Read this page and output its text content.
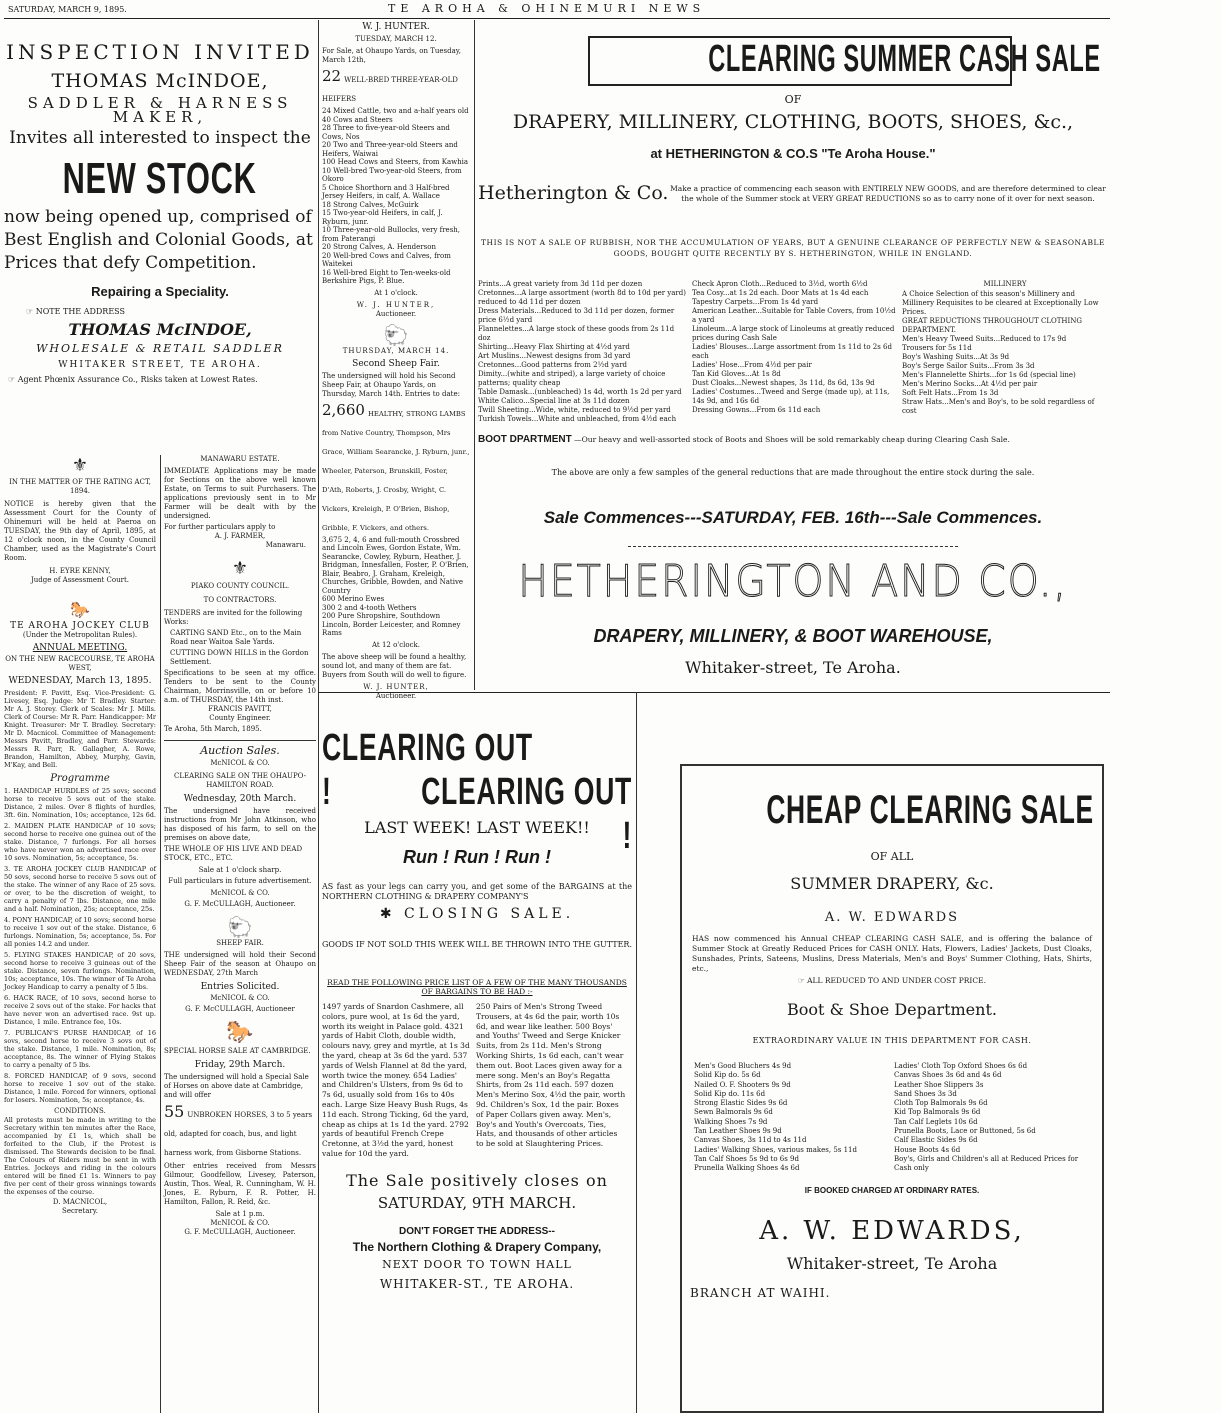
SATURDAY, MARCH 9, 1895.	TE AROHA & OHINEMURI NEWS
INSPECTION INVITED
THOMAS McINDOE,
SADDLER & HARNESS MAKER,
Invites all interested to inspect the
NEW STOCK
now being opened up, comprised of Best English and Colonial Goods, at Prices that defy Competition.
Repairing a Speciality.
☞ NOTE THE ADDRESS
THOMAS McINDOE,
WHOLESALE & RETAIL SADDLER
WHITAKER STREET, TE AROHA.
☞ Agent Phœnix Assurance Co., Risks taken at Lowest Rates.
⚜
IN THE MATTER OF THE RATING ACT, 1894.
NOTICE is hereby given that the Assessment Court for the County of Ohinemuri will be held at Paeroa on TUESDAY, the 9th day of April, 1895, at 12 o'clock noon, in the County Council Chamber, used as the Magistrate's Court Room.
H. EYRE KENNY,
Judge of Assessment Court.
🐎
TE AROHA JOCKEY CLUB
(Under the Metropolitan Rules).
ANNUAL MEETING.
ON THE NEW RACECOURSE, TE AROHA WEST,
WEDNESDAY, March 13, 1895.
President: F. Pavitt, Esq. Vice-President: G. Livesey, Esq. Judge: Mr T. Bradley. Starter: Mr A. J. Storey. Clerk of Scales: Mr J. Mills. Clerk of Course: Mr R. Parr. Handicapper: Mr Knight. Treasurer: Mr T. Bradley. Secretary: Mr D. Macnicol. Committee of Management: Messrs Pavitt, Bradley, and Parr. Stewards: Messrs R. Parr, R. Gallagher, A. Rowe, Brandon, Hamilton, Abbey, Murphy, Gavin, M'Kay, and Bell.
Programme
1. HANDICAP HURDLES of 25 sovs; second horse to receive 5 sovs out of the stake. Distance, 2 miles. Over 8 flights of hurdles, 3ft. 6in. Nomination, 10s; acceptance, 12s 6d.
2. MAIDEN PLATE HANDICAP of 10 sovs; second horse to receive one guinea out of the stake. Distance, 7 furlongs. For all horses who have never won an advertised race over 10 sovs. Nomination, 5s; acceptance, 5s.
3. TE AROHA JOCKEY CLUB HANDICAP of 50 sovs, second horse to receive 5 sovs out of the stake. The winner of any Race of 25 sovs. or over, to be the discretion of weight, to carry a penalty of 7 lbs. Distance, one mile and a half. Nomination, 25s; acceptance, 25s.
4. PONY HANDICAP, of 10 sovs; second horse to receive 1 sov out of the stake. Distance, 6 furlongs. Nomination, 5s; acceptance, 5s. For all ponies 14.2 and under.
5. FLYING STAKES HANDICAP, of 20 sovs, second horse to receive 3 guineas out of the stake. Distance, seven furlongs. Nomination, 10s; acceptance, 10s. The winner of Te Aroha Jockey Handicap to carry a penalty of 5 lbs.
6. HACK RACE, of 10 sovs, second horse to receive 2 sovs out of the stake. For hacks that have never won an advertised race. 9st up. Distance, 1 mile. Entrance fee, 10s.
7. PUBLICAN'S PURSE HANDICAP, of 16 sovs, second horse to receive 3 sovs out of the stake. Distance, 1 mile. Nomination, 8s; acceptance, 8s. The winner of Flying Stakes to carry a penalty of 5 lbs.
8. FORCED HANDICAP, of 9 sovs, second horse to receive 1 sov out of the stake. Distance, 1 mile. Forced for winners, optional for losers. Nomination, 5s; acceptance, 4s.
CONDITIONS.
All protests must be made in writing to the Secretary within ten minutes after the Race, accompanied by £1 1s, which shall be forfeited to the Club, if the Protest is dismissed. The Stewards decision to be final. The Colours of Riders must be sent in with Entries. Jockeys and riding in the colours entered will be fined £1 1s. Winners to pay five per cent of their gross winnings towards the expenses of the course.
D. MACNICOL,
Secretary.
MANAWARU ESTATE.
IMMEDIATE Applications may be made for Sections on the above well known Estate, on Terms to suit Purchasers. The applications previously sent in to Mr Farmer will be dealt with by the undersigned.
For further particulars apply to
A. J. FARMER,
Manawaru.
⚜
PIAKO COUNTY COUNCIL.
TO CONTRACTORS.
TENDERS are invited for the following Works:
CARTING SAND Etc., on to the Main Road near Waitoa Sale Yards.
CUTTING DOWN HILLS in the Gordon Settlement.
Specifications to be seen at my office. Tenders to be sent to the County Chairman, Morrinsville, on or before 10 a.m. of THURSDAY, the 14th inst.
FRANCIS PAVITT,
County Engineer.
Te Aroha, 5th March, 1895.
Auction Sales.
McNICOL & CO.
CLEARING SALE ON THE OHAUPO-HAMILTON ROAD.
Wednesday, 20th March.
The undersigned have received instructions from Mr John Atkinson, who has disposed of his farm, to sell on the premises on above date,
THE WHOLE OF HIS LIVE AND DEAD STOCK, ETC., ETC.
Sale at 1 o'clock sharp.
Full particulars in future advertisement.
McNICOL & CO.
G. F. McCULLAGH, Auctioneer.
🐑
SHEEP FAIR.
THE undersigned will hold their Second Sheep Fair of the season at Ohaupo on WEDNESDAY, 27th March
Entries Solicited.
McNICOL & CO.
G. F. McCULLAGH, Auctioneer
🐎
SPECIAL HORSE SALE AT CAMBRIDGE.
Friday, 29th March.
The undersigned will hold a Special Sale of Horses on above date at Cambridge, and will offer
55 UNBROKEN HORSES, 3 to 5 years old, adapted for coach, bus, and light harness work, from Gisborne Stations.
Other entries received from Messrs Gilmour, Goodfellow, Livesey, Paterson, Austin, Thos. Weal, R. Cunningham, W. H. Jones, E. Ryburn, F. R. Potter, H. Hamilton, Fallon, R. Reid, &c.
Sale at 1 p.m.
McNICOL & CO.
G. F. McCULLAGH, Auctioneer.
W. J. HUNTER.
TUESDAY, MARCH 12.
For Sale, at Ohaupo Yards, on Tuesday, March 12th,
22 WELL-BRED THREE-YEAR-OLD HEIFERS
24 Mixed Cattle, two and a-half years old
40 Cows and Steers
28 Three to five-year-old Steers and Cows, Nos
20 Two and Three-year-old Steers and Heifers, Waiwai
100 Head Cows and Steers, from Kawhia
10 Well-bred Two-year-old Steers, from Okoro
5 Choice Shorthorn and 3 Half-bred Jersey Heifers, in calf, A. Wallace
18 Strong Calves, McGuirk
15 Two-year-old Heifers, in calf, J. Ryburn, junr.
10 Three-year-old Bullocks, very fresh, from Paterangi
20 Strong Calves, A. Henderson
20 Well-bred Cows and Calves, from Waitekei
16 Well-bred Eight to Ten-weeks-old Berkshire Pigs, P. Blue.
At 1 o'clock.
W. J. HUNTER,
Auctioneer.
🐑
THURSDAY, MARCH 14.
Second Sheep Fair.
The undersigned will hold his Second Sheep Fair, at Ohaupo Yards, on Thursday, March 14th. Entries to date:
2,660 HEALTHY, STRONG LAMBS from Native Country, Thompson, Mrs Grace, William Searancke, J. Ryburn, junr., Wheeler, Paterson, Brunskill, Foster, D'Ath, Roberts, J. Crosby, Wright, C. Vickers, Kreleigh, P. O'Brien, Bishop, Gribble, F. Vickers, and others.
3,675 2, 4, 6 and full-mouth Crossbred and Lincoln Ewes, Gordon Estate, Wm. Searancke, Cowley, Ryburn, Heather, J. Bridgman, Innesfallen, Foster, P. O'Brien, Blair, Beabro, J. Graham, Kreleigh, Churches, Gribble, Bowden, and Native Country
600 Merino Ewes
300 2 and 4-tooth Wethers
200 Pure Shropshire, Southdown Lincoln, Border Leicester, and Romney Rams
At 12 o'clock.
The above sheep will be found a healthy, sound lot, and many of them are fat. Buyers from South will do well to figure.
W. J. HUNTER,
Auctioneer.
CLEARING SUMMER CASH SALE
OF
DRAPERY, MILLINERY, CLOTHING, BOOTS, SHOES, &c.,
at HETHERINGTON & CO.S "Te Aroha House."
Hetherington & Co. Make a practice of commencing each season with ENTIRELY NEW GOODS, and are therefore determined to clear the whole of the Summer stock at VERY GREAT REDUCTIONS so as to carry none of it over for next season.
THIS IS NOT A SALE OF RUBBISH, NOR THE ACCUMULATION OF YEARS, BUT A GENUINE CLEARANCE OF PERFECTLY NEW & SEASONABLE GOODS, BOUGHT QUITE RECENTLY BY S. HETHERINGTON, WHILE IN ENGLAND.
Prints...A great variety from 3d 11d per dozen
Cretonnes...A large assortment (worth 8d to 10d per yard) reduced to 4d 11d per dozen
Dress Materials...Reduced to 3d 11d per dozen, former price 6½d yard
Flannelettes...A large stock of these goods from 2s 11d doz
Shirting...Heavy Flax Shirting at 4½d yard
Art Muslins...Newest designs from 3d yard
Cretonnes...Good patterns from 2½d yard
Dimity...(white and striped), a large variety of choice patterns; quality cheap
Table Damask...(unbleached) 1s 4d, worth 1s 2d per yard
White Calico...Special line at 3s 11d dozen
Twill Sheeting...Wide, white, reduced to 9½d per yard
Turkish Towels...White and unbleached, from 4½d each
Check Apron Cloth...Reduced to 3½d, worth 6½d
Tea Cosy...at 1s 2d each. Door Mats at 1s 4d each
Tapestry Carpets...From 1s 4d yard
American Leather...Suitable for Table Covers, from 10½d a yard
Linoleum...A large stock of Linoleums at greatly reduced prices during Cash Sale
Ladies' Blouses...Large assortment from 1s 11d to 2s 6d each
Ladies' Hose...From 4½d per pair
Tan Kid Gloves...At 1s 8d
Dust Cloaks...Newest shapes, 3s 11d, 8s 6d, 13s 9d
Ladies' Costumes...Tweed and Serge (made up), at 11s, 14s 9d, and 16s 6d
Dressing Gowns...From 6s 11d each
MILLINERY
A Choice Selection of this season's Millinery and Millinery Requisites to be cleared at Exceptionally Low Prices.
GREAT REDUCTIONS THROUGHOUT CLOTHING DEPARTMENT.
Men's Heavy Tweed Suits...Reduced to 17s 9d
Trousers for 5s 11d
Boy's Washing Suits...At 3s 9d
Boy's Serge Sailor Suits...From 3s 3d
Men's Flannelette Shirts...for 1s 6d (special line)
Men's Merino Socks...At 4½d per pair
Soft Felt Hats...From 1s 3d
Straw Hats...Men's and Boy's, to be sold regardless of cost
BOOT DPARTMENT —Our heavy and well-assorted stock of Boots and Shoes will be sold remarkably cheap during Clearing Cash Sale.
The above are only a few samples of the general reductions that are made throughout the entire stock during the sale.
Sale Commences---SATURDAY, FEB. 16th---Sale Commences.
HETHERINGTON AND CO.,
DRAPERY, MILLINERY, & BOOT WAREHOUSE,
Whitaker-street, Te Aroha.
CLEARING OUT !	CLEARING OUT !
LAST WEEK! LAST WEEK!!
Run ! Run ! Run !
AS fast as your legs can carry you, and get some of the BARGAINS at the NORTHERN CLOTHING & DRAPERY COMPANY'S
✱ CLOSING SALE.
GOODS IF NOT SOLD THIS WEEK WILL BE THROWN INTO THE GUTTER.
READ THE FOLLOWING PRICE LIST OF A FEW OF THE MANY THOUSANDS OF BARGAINS TO BE HAD :-
1497 yards of Snardon Cashmere, all colors, pure wool, at 1s 6d the yard, worth its weight in Palace gold. 4321 yards of Habit Cloth, double width, colours navy, grey and myrtle, at 1s 3d the yard, cheap at 3s 6d the yard. 537 yards of Welsh Flannel at 8d the yard, worth twice the money. 654 Ladies' and Children's Ulsters, from 9s 6d to 7s 6d, usually sold from 16s to 40s each. Large Size Heavy Bush Rugs, 4s 11d each. Strong Ticking, 6d the yard, cheap as chips at 1s 1d the yard. 2792 yards of beautiful French Crepe Cretonne, at 3½d the yard, honest value for 10d the yard.
250 Pairs of Men's Strong Tweed Trousers, at 4s 6d the pair, worth 10s 6d, and wear like leather. 500 Boys' and Youths' Tweed and Serge Knicker Suits, from 2s 11d. Men's Strong Working Shirts, 1s 6d each, can't wear them out. Boot Laces given away for a mere song. Men's an Boy's Regatta Shirts, from 2s 11d each. 597 dozen Men's Merino Sox, 4½d the pair, worth 9d. Children's Sox, 1d the pair. Boxes of Paper Collars given away. Men's, Boy's and Youth's Overcoats, Ties, Hats, and thousands of other articles to be sold at Slaughtering Prices.
The Sale positively closes on
SATURDAY, 9TH MARCH.
DON'T FORGET THE ADDRESS--
The Northern Clothing & Drapery Company,
NEXT DOOR TO TOWN HALL
WHITAKER-ST., TE AROHA.
CHEAP CLEARING SALE
OF ALL
SUMMER DRAPERY, &c.
A. W. EDWARDS
HAS now commenced his Annual CHEAP CLEARING CASH SALE, and is offering the balance of Summer Stock at Greatly Reduced Prices for CASH ONLY. Hats, Flowers, Ladies' Jackets, Dust Cloaks, Sunshades, Prints, Sateens, Muslins, Dress Materials, Men's and Boys' Summer Clothing, Hats, Shirts, etc.,
☞ ALL REDUCED TO AND UNDER COST PRICE.
Boot & Shoe Department.
EXTRAORDINARY VALUE IN THIS DEPARTMENT FOR CASH.
Men's Good Bluchers 4s 9d
Solid Kip do. 5s 6d
Nailed O. F. Shooters 9s 9d
Solid Kip do. 11s 6d
Strong Elastic Sides 9s 6d
Sewn Balmorals 9s 6d
Walking Shoes 7s 9d
Tan Leather Shoes 9s 9d
Canvas Shoes, 3s 11d to 4s 11d
Ladies' Walking Shoes, various makes, 5s 11d
Tan Calf Shoes 5s 9d to 6s 9d
Prunella Walking Shoes 4s 6d
Ladies' Cloth Top Oxford Shoes 6s 6d
Canvas Shoes 3s 6d and 4s 6d
Leather Shoe Slippers 3s
Sand Shoes 3s 3d
Cloth Top Balmorals 9s 6d
Kid Top Balmorals 9s 6d
Tan Calf Leglets 10s 6d
Prunella Boots, Lace or Buttoned, 5s 6d
Calf Elastic Sides 9s 6d
House Boots 4s 6d
Boy's, Girls and Children's all at Reduced Prices for Cash only
IF BOOKED CHARGED AT ORDINARY RATES.
A. W. EDWARDS,
Whitaker-street, Te Aroha
BRANCH AT WAIHI.
